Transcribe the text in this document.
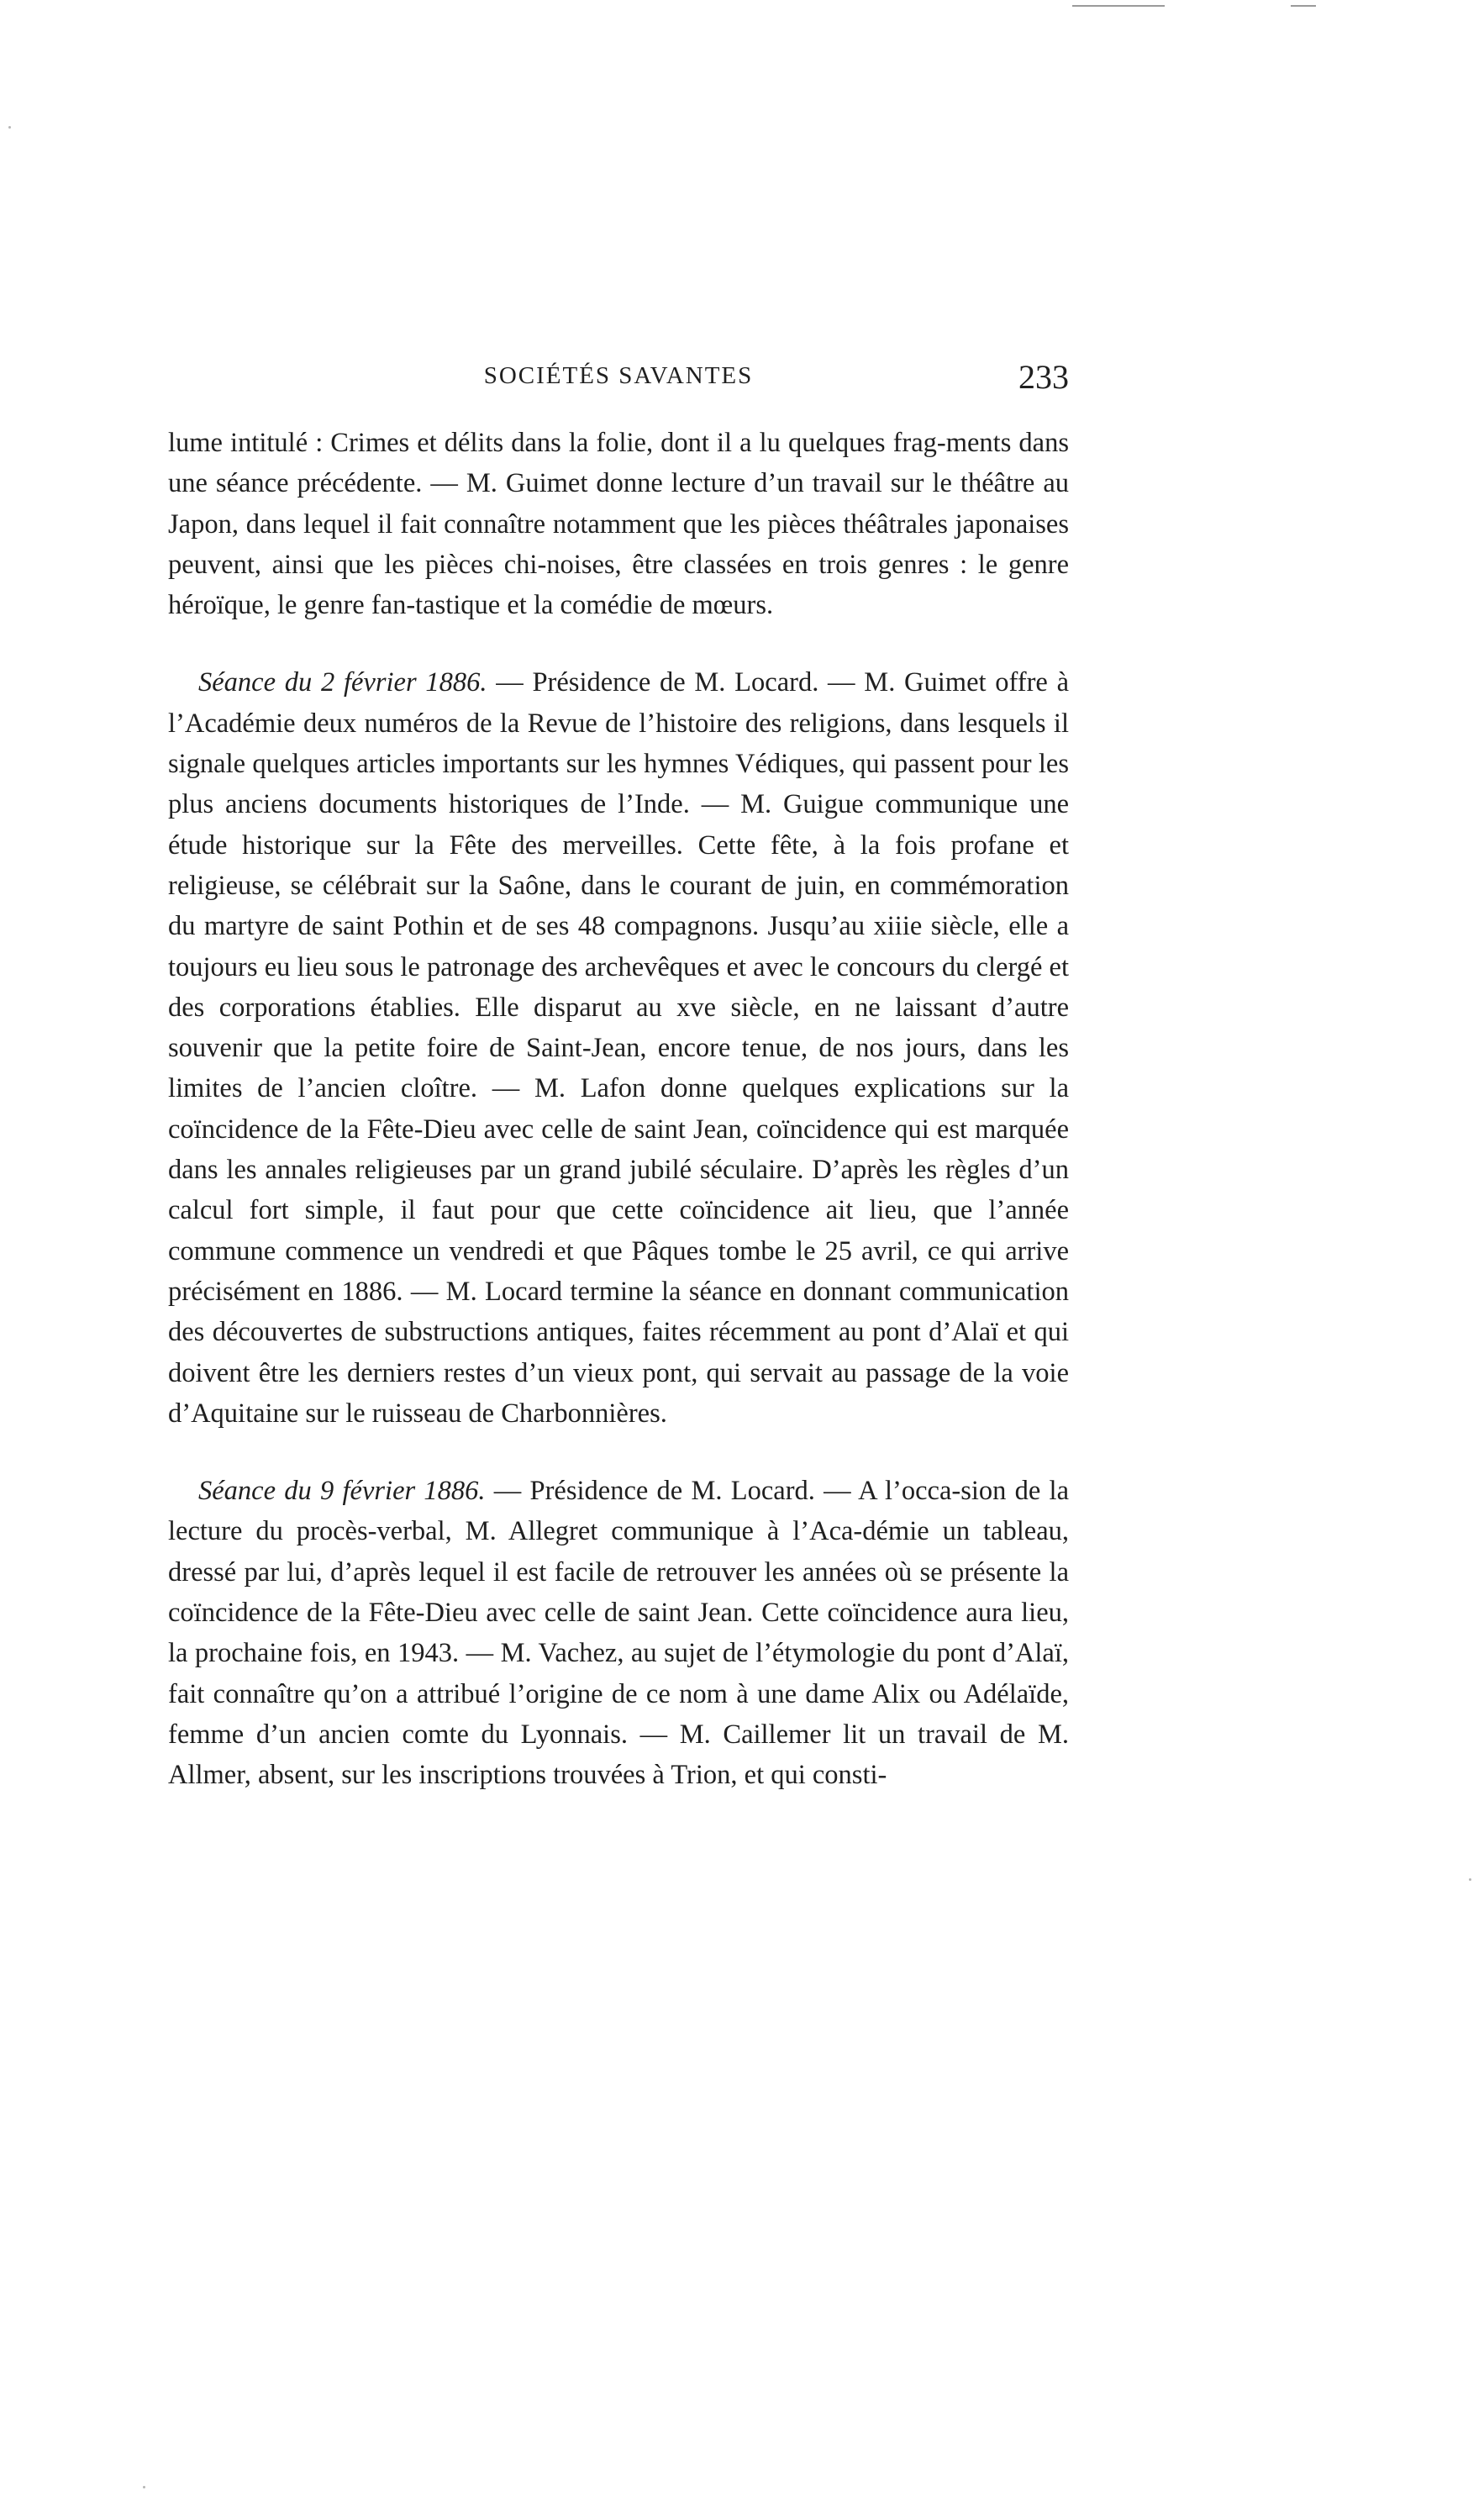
SOCIÉTÉS SAVANTES	233

lume intitulé : Crimes et délits dans la folie, dont il a lu quelques frag-ments dans une séance précédente. — M. Guimet donne lecture d’un travail sur le théâtre au Japon, dans lequel il fait connaître notamment que les pièces théâtrales japonaises peuvent, ainsi que les pièces chi-noises, être classées en trois genres : le genre héroïque, le genre fan-tastique et la comédie de mœurs.

Séance du 2 février 1886. — Présidence de M. Locard. — M. Guimet offre à l’Académie deux numéros de la Revue de l’histoire des religions, dans lesquels il signale quelques articles importants sur les hymnes Védiques, qui passent pour les plus anciens documents historiques de l’Inde. — M. Guigue communique une étude historique sur la Fête des merveilles. Cette fête, à la fois profane et religieuse, se célébrait sur la Saône, dans le courant de juin, en commémoration du martyre de saint Pothin et de ses 48 compagnons. Jusqu’au xiiie siècle, elle a toujours eu lieu sous le patronage des archevêques et avec le concours du clergé et des corporations établies. Elle disparut au xve siècle, en ne laissant d’autre souvenir que la petite foire de Saint-Jean, encore tenue, de nos jours, dans les limites de l’ancien cloître. — M. Lafon donne quelques explications sur la coïncidence de la Fête-Dieu avec celle de saint Jean, coïncidence qui est marquée dans les annales religieuses par un grand jubilé séculaire. D’après les règles d’un calcul fort simple, il faut pour que cette coïncidence ait lieu, que l’année commune commence un vendredi et que Pâques tombe le 25 avril, ce qui arrive précisément en 1886. — M. Locard termine la séance en donnant communication des découvertes de substructions antiques, faites récemment au pont d’Alaï et qui doivent être les derniers restes d’un vieux pont, qui servait au passage de la voie d’Aquitaine sur le ruisseau de Charbonnières.

Séance du 9 février 1886. — Présidence de M. Locard. — A l’occa-sion de la lecture du procès-verbal, M. Allegret communique à l’Aca-démie un tableau, dressé par lui, d’après lequel il est facile de retrouver les années où se présente la coïncidence de la Fête-Dieu avec celle de saint Jean. Cette coïncidence aura lieu, la prochaine fois, en 1943. — M. Vachez, au sujet de l’étymologie du pont d’Alaï, fait connaître qu’on a attribué l’origine de ce nom à une dame Alix ou Adélaïde, femme d’un ancien comte du Lyonnais. — M. Caillemer lit un travail de M. Allmer, absent, sur les inscriptions trouvées à Trion, et qui consti-
